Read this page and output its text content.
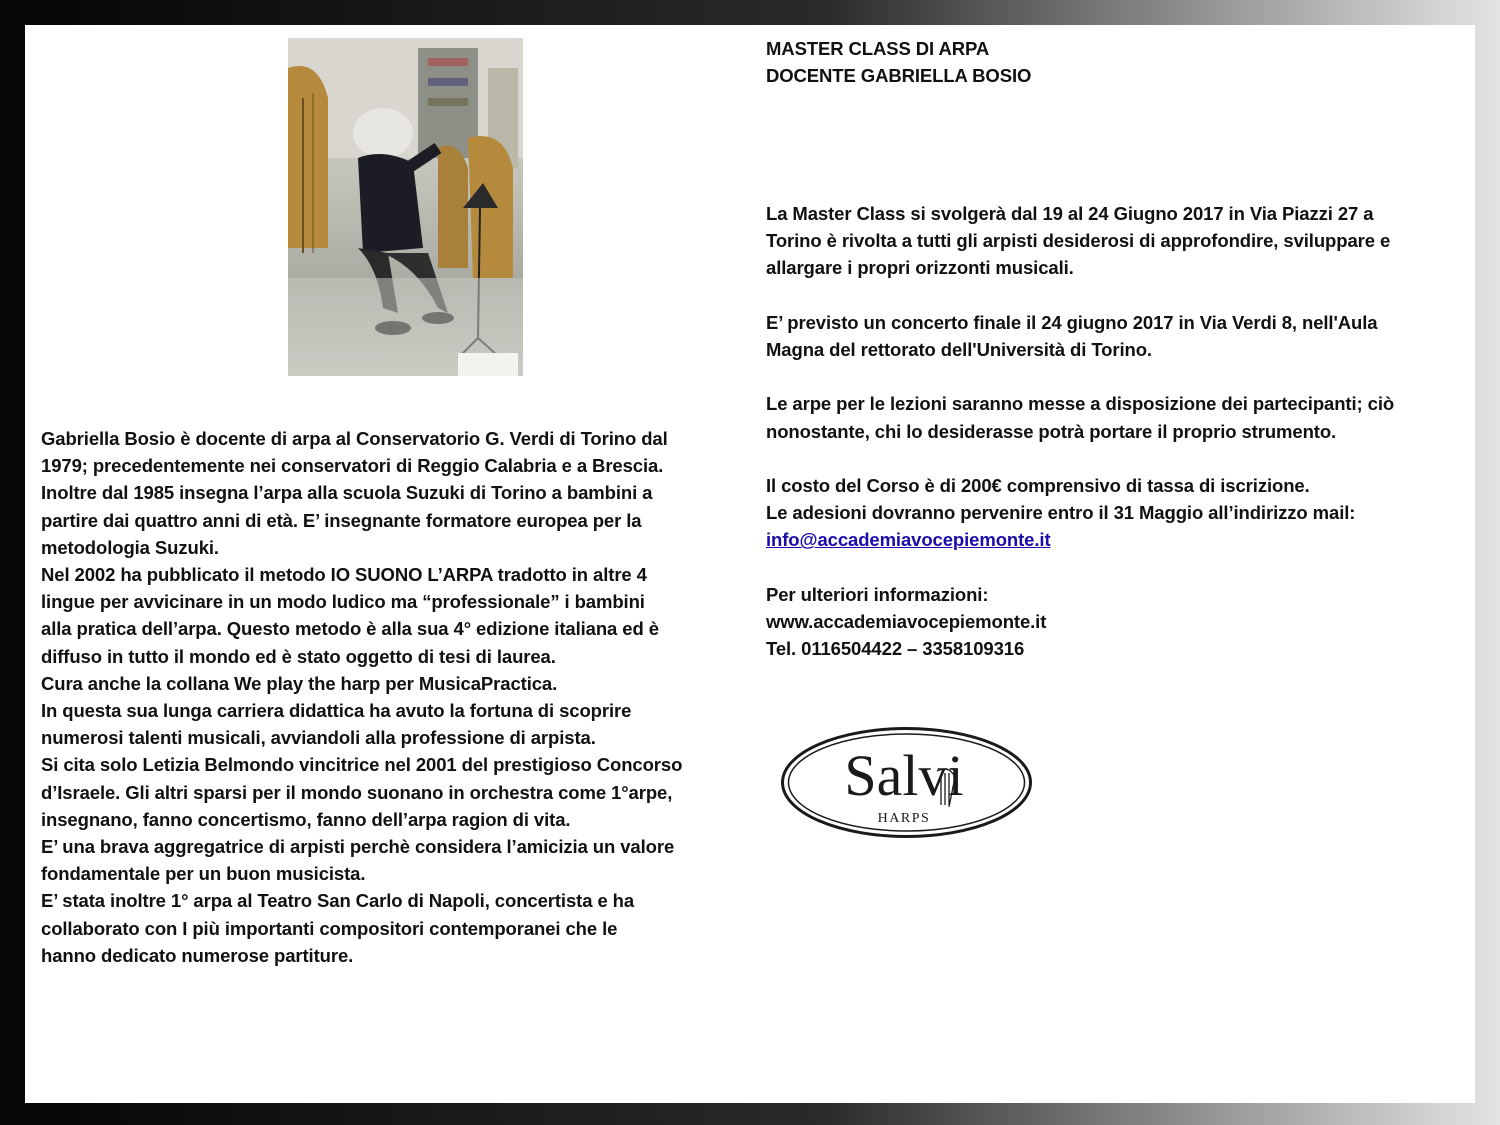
MASTER CLASS DI ARPA
DOCENTE GABRIELLA BOSIO
Gabriella Bosio è docente di arpa al Conservatorio G. Verdi di Torino dal
1979; precedentemente nei conservatori di Reggio Calabria e a Brescia.
Inoltre dal 1985 insegna l’arpa alla scuola Suzuki di Torino a bambini a
partire dai quattro anni di età. E’ insegnante formatore europea per la
metodologia Suzuki.
Nel 2002 ha pubblicato il metodo IO SUONO L’ARPA tradotto in altre 4
lingue per avvicinare in un modo ludico ma “professionale” i bambini
alla pratica dell’arpa. Questo metodo è alla sua 4° edizione italiana ed è
diffuso in tutto il mondo ed è stato oggetto di tesi di laurea.
Cura anche la collana We play the harp per MusicaPractica.
In questa sua lunga carriera didattica ha avuto la fortuna di scoprire
numerosi talenti musicali, avviandoli alla professione di arpista.
Si cita solo Letizia Belmondo vincitrice nel 2001 del prestigioso Concorso
d’Israele. Gli altri sparsi per il mondo suonano in orchestra come 1°arpe,
insegnano, fanno concertismo, fanno dell’arpa ragion di vita.
E’ una brava aggregatrice di arpisti perchè considera l’amicizia un valore
fondamentale per un buon musicista.
E’ stata inoltre 1° arpa al Teatro San Carlo di Napoli, concertista e ha
collaborato con I più importanti compositori contemporanei che le
hanno dedicato numerose partiture.
La Master Class si svolgerà dal 19 al 24 Giugno 2017 in Via Piazzi 27 a
Torino è rivolta a tutti gli arpisti desiderosi di approfondire, sviluppare e
allargare i propri orizzonti musicali.
E’ previsto un concerto finale il 24 giugno 2017 in Via Verdi 8, nell'Aula
Magna del rettorato dell'Università di Torino.
Le arpe per le lezioni saranno messe a disposizione dei partecipanti; ciò
nonostante, chi lo desiderasse potrà portare il proprio strumento.
Il costo del Corso è di 200€ comprensivo di tassa di iscrizione.
Le adesioni dovranno pervenire entro il 31 Maggio all’indirizzo mail:
info@accademiavocepiemonte.it
Per ulteriori informazioni:
www.accademiavocepiemonte.it
Tel. 0116504422 – 3358109316
Salvi
HARPS
